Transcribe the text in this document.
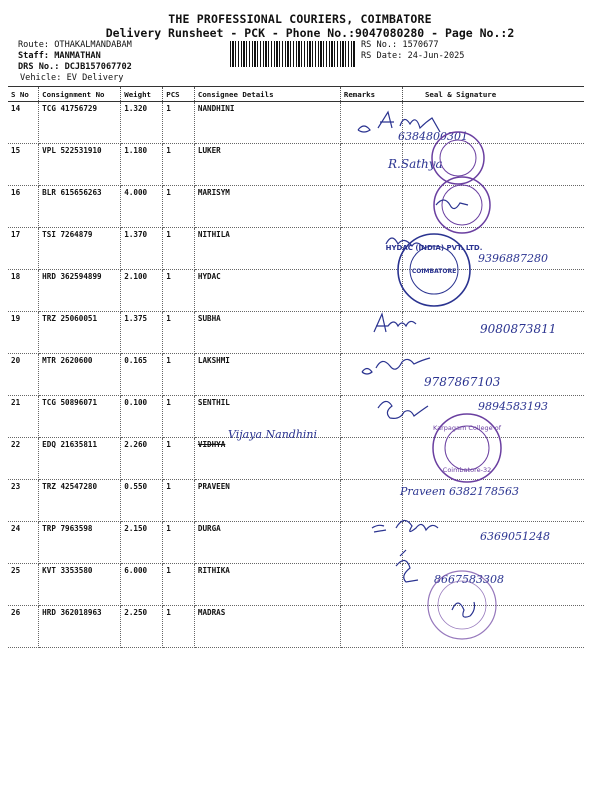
THE PROFESSIONAL COURIERS, COIMBATORE
Delivery Runsheet - PCK - Phone No.:9047080280 - Page No.:2
Route: OTHAKALMANDABAM
Staff: MANMATHAN
DRS No.: DCJB157067702
Vehicle: EV Delivery
RS No.: 1570677
RS Date: 24-Jun-2025
S No	Consignment No	Weight	PCS	Consignee Details	Remarks	Seal & Signature
14	TCG 41756729	1.320	1	NANDHINI		
15	VPL 522531910	1.180	1	LUKER		
16	BLR 615656263	4.000	1	MARISYM		
17	TSI 7264879	1.370	1	NITHILA		
18	HRD 362594899	2.100	1	HYDAC		
19	TRZ 25060051	1.375	1	SUBHA		
20	MTR 2620600	0.165	1	LAKSHMI		
21	TCG 50896071	0.100	1	SENTHIL		
22	EDQ 21635811	2.260	1	VIDHYA		
23	TRZ 42547280	0.550	1	PRAVEEN		
24	TRP 7963598	2.150	1	DURGA		
25	KVT 3353580	6.000	1	RITHIKA		
26	HRD 362018963	2.250	1	MADRAS		
6384800301
R.Sathya
9396887280
HYDAC (INDIA) PVT. LTD.
COIMBATORE
9080873811
9787867103
9894583193
Vijaya Nandhini	Karpagam College of
Coimbatore-32
Praveen 6382178563
6369051248
8667583308
